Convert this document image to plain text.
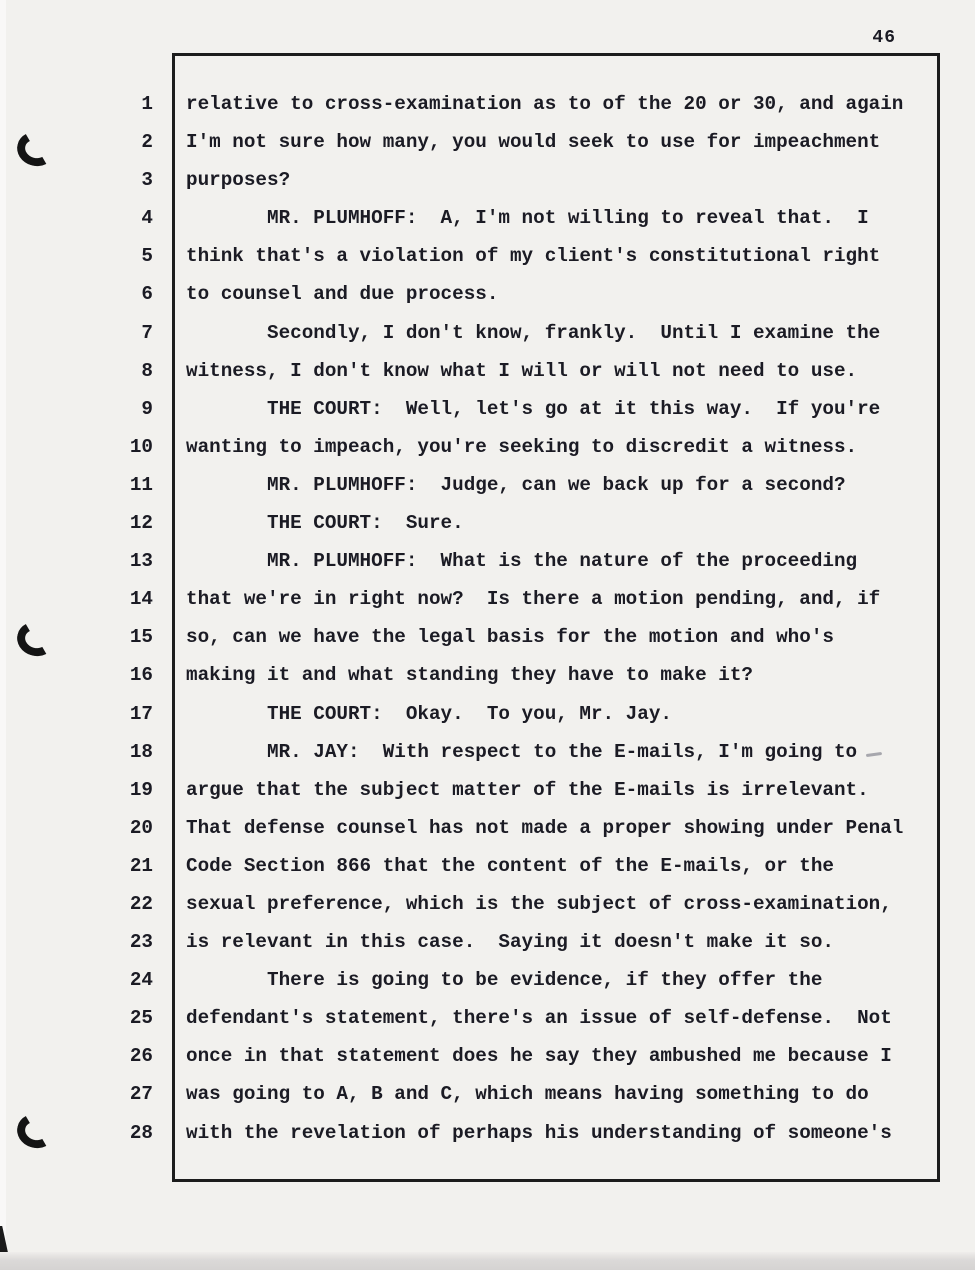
46
1
2
3
4
5
6
7
8
9
10
11
12
13
14
15
16
17
18
19
20
21
22
23
24
25
26
27
28
relative to cross-examination as to of the 20 or 30, and again
I'm not sure how many, you would seek to use for impeachment
purposes?
MR. PLUMHOFF:  A, I'm not willing to reveal that.  I
think that's a violation of my client's constitutional right
to counsel and due process.
Secondly, I don't know, frankly.  Until I examine the
witness, I don't know what I will or will not need to use.
THE COURT:  Well, let's go at it this way.  If you're
wanting to impeach, you're seeking to discredit a witness.
MR. PLUMHOFF:  Judge, can we back up for a second?
THE COURT:  Sure.
MR. PLUMHOFF:  What is the nature of the proceeding
that we're in right now?  Is there a motion pending, and, if
so, can we have the legal basis for the motion and who's
making it and what standing they have to make it?
THE COURT:  Okay.  To you, Mr. Jay.
MR. JAY:  With respect to the E-mails, I'm going to
argue that the subject matter of the E-mails is irrelevant.
That defense counsel has not made a proper showing under Penal
Code Section 866 that the content of the E-mails, or the
sexual preference, which is the subject of cross-examination,
is relevant in this case.  Saying it doesn't make it so.
There is going to be evidence, if they offer the
defendant's statement, there's an issue of self-defense.  Not
once in that statement does he say they ambushed me because I
was going to A, B and C, which means having something to do
with the revelation of perhaps his understanding of someone's
